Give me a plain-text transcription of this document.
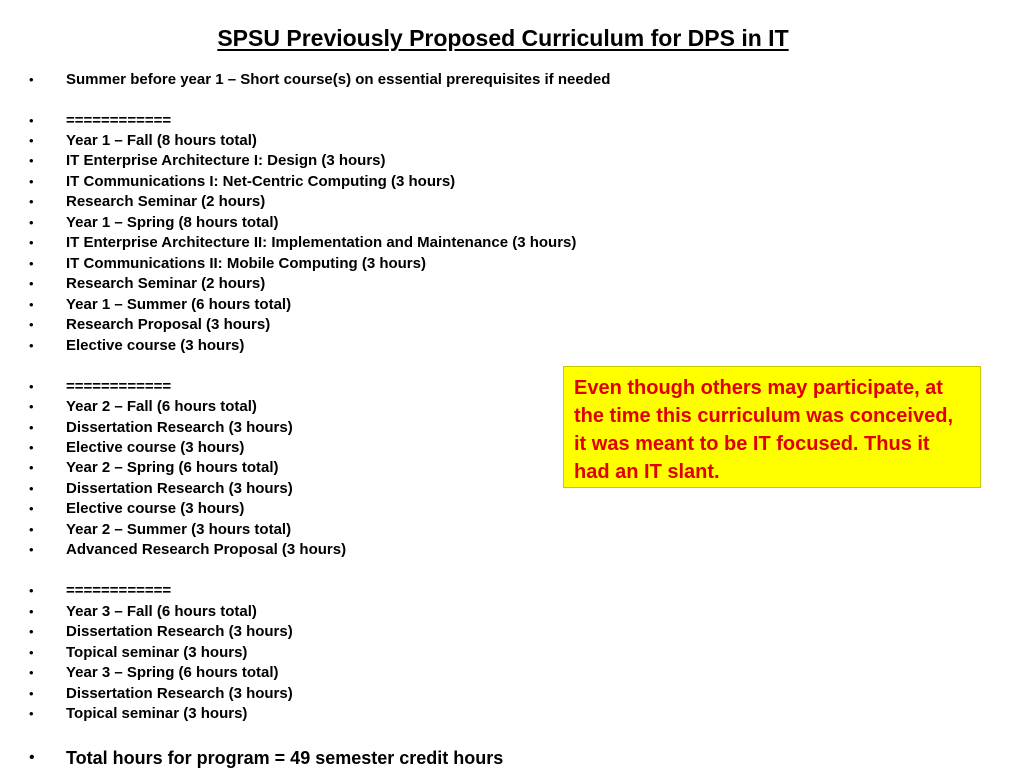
SPSU Previously Proposed Curriculum for DPS in IT
• Summer before year 1 – Short course(s) on essential prerequisites if needed
• ============
• Year 1 – Fall (8 hours total)
• IT Enterprise Architecture I: Design (3 hours)
• IT Communications I: Net-Centric Computing (3 hours)
• Research Seminar (2 hours)
• Year 1 – Spring (8 hours total)
• IT Enterprise Architecture II: Implementation and Maintenance (3 hours)
• IT Communications II: Mobile Computing (3 hours)
• Research Seminar (2 hours)
• Year 1 – Summer (6 hours total)
• Research Proposal (3 hours)
• Elective course (3 hours)
• ============
• Year 2 – Fall (6 hours total)
• Dissertation Research (3 hours)
• Elective course (3 hours)
• Year 2 – Spring (6 hours total)
• Dissertation Research (3 hours)
• Elective course (3 hours)
• Year 2 – Summer (3 hours total)
• Advanced Research Proposal (3 hours)
• ============
• Year 3 – Fall (6 hours total)
• Dissertation Research (3 hours)
• Topical seminar (3 hours)
• Year 3 – Spring (6 hours total)
• Dissertation Research (3 hours)
• Topical seminar (3 hours)
• Total hours for program = 49 semester credit hours
Even though others may participate, at the time this curriculum was conceived, it was meant to be IT focused. Thus it had an IT slant.
